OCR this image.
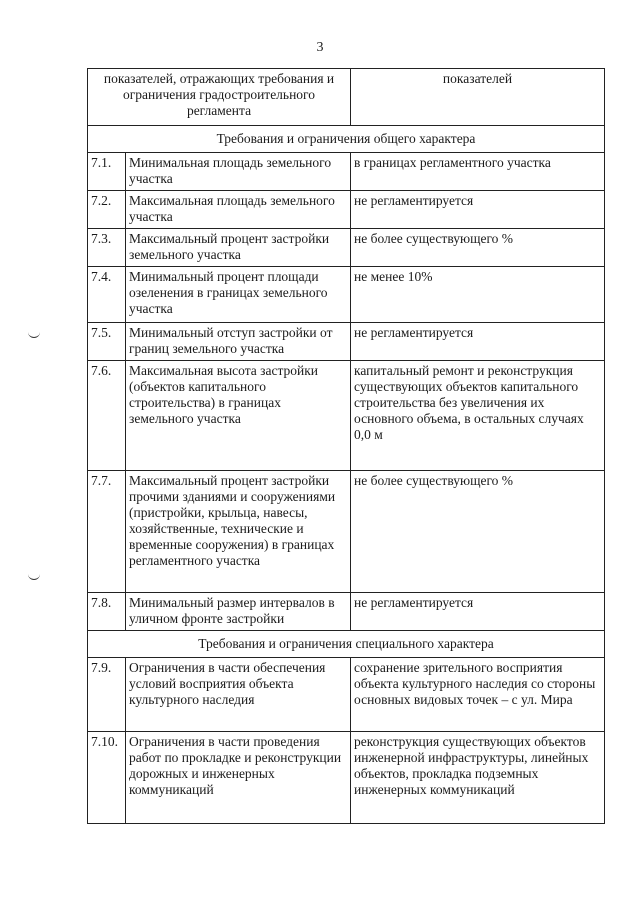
3
показателей, отражающих требования и ограничения градостроительного регламента		показателей
Требования и ограничения общего характера		
7.1.	Минимальная площадь земельного участка	в границах регламентного участка
7.2.	Максимальная площадь земельного участка	не регламентируется
7.3.	Максимальный процент застройки земельного участка	не более существующего %
7.4.	Минимальный процент площади озеленения в границах земельного участка	не менее 10%
7.5.	Минимальный отступ застройки от границ земельного участка	не регламентируется
7.6.	Максимальная высота застройки (объектов капитального строительства) в границах земельного участка	капитальный ремонт и реконструкция существующих объектов капитального строительства без увеличения их основного объема, в остальных случаях 0,0 м
7.7.	Максимальный процент застройки прочими зданиями и сооружениями (пристройки, крыльца, навесы, хозяйственные, технические и временные сооружения) в границах регламентного участка	не более существующего %
7.8.	Минимальный размер интервалов в уличном фронте застройки	не регламентируется
Требования и ограничения специального характера		
7.9.	Ограничения в части обеспечения условий восприятия объекта культурного наследия	сохранение зрительного восприятия объекта культурного наследия со стороны основных видовых точек – с ул. Мира
7.10.	Ограничения в части проведения работ по прокладке и реконструкции дорожных и инженерных коммуникаций	реконструкция существующих объектов инженерной инфраструктуры, линейных объектов, прокладка подземных инженерных коммуникаций
